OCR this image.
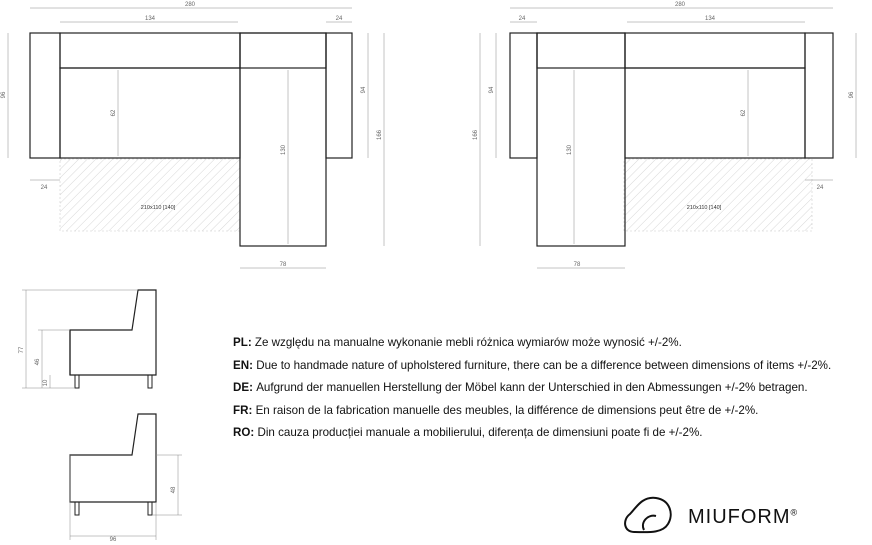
210x110 [140]
280
134	24
24
96
62
130
94
166
78
210x110 [140]
280
134
24
24
166
94
130
62
96
78
77
46
10
48
96
PL: Ze względu na manualne wykonanie mebli różnica wymiarów może wynosić +/-2%.
EN: Due to handmade nature of upholstered furniture, there can be a difference between dimensions of items +/-2%.
DE: Aufgrund der manuellen Herstellung der Möbel kann der Unterschied in den Abmessungen +/-2% betragen.
FR: En raison de la fabrication manuelle des meubles, la différence de dimensions peut être de +/-2%.
RO: Din cauza producției manuale a mobilierului, diferența de dimensiuni poate fi de +/-2%.
MIUFORM®
